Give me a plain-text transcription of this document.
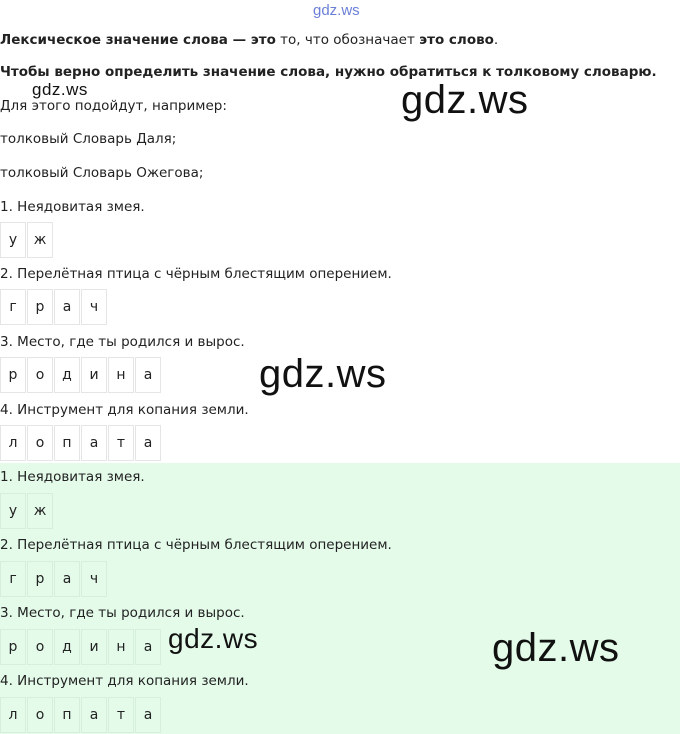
gdz.ws
gdz.ws
Лексическое значение слова — это то, что обозначает это слово.
Чтобы верно определить значение слова, нужно обратиться к толковому словарю.
Для этого подойдут, например:
толковый Словарь Даля;
толковый Словарь Ожегова;
gdz.ws
1. Неядовитая змея.
у	ж
2. Перелётная птица с чёрным блестящим оперением.
г	р	а	ч
3. Место, где ты родился и вырос.
р	о	д	и	н	а
4. Инструмент для копания земли.
л	о	п	а	т	а
gdz.ws
1. Неядовитая змея.
у	ж
2. Перелётная птица с чёрным блестящим оперением.
г	р	а	ч
3. Место, где ты родился и вырос.
р	о	д	и	н	а
4. Инструмент для копания земли.
л	о	п	а	т	а
gdz.ws	gdz.ws
